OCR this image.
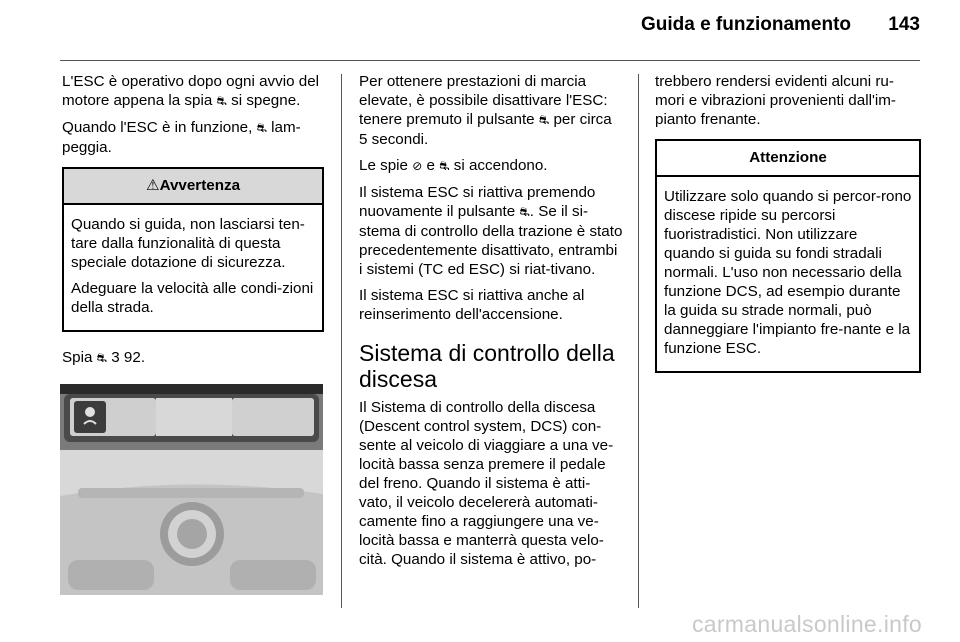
Guida e funzionamento 143

L'ESC è operativo dopo ogni avvio del motore appena la spia ⛐ si spegne.

Quando l'ESC è in funzione, ⛐ lam-peggia.

⚠Avvertenza

Quando si guida, non lasciarsi ten-tare dalla funzionalità di questa speciale dotazione di sicurezza.

Adeguare la velocità alle condi-zioni della strada.

Spia ⛐ 3 92.

Per ottenere prestazioni di marcia elevate, è possibile disattivare l'ESC: tenere premuto il pulsante ⛐ per circa 5 secondi.

Le spie ⊘ e ⛐ si accendono.

Il sistema ESC si riattiva premendo nuovamente il pulsante ⛐. Se il si-stema di controllo della trazione è stato precedentemente disattivato, entrambi i sistemi (TC ed ESC) si riat-tivano.

Il sistema ESC si riattiva anche al reinserimento dell'accensione.

Sistema di controllo della discesa

Il Sistema di controllo della discesa (Descent control system, DCS) con-sente al veicolo di viaggiare a una ve-locità bassa senza premere il pedale del freno. Quando il sistema è atti-vato, il veicolo decelererà automati-camente fino a raggiungere una ve-locità bassa e manterrà questa velo-cità. Quando il sistema è attivo, po-

trebbero rendersi evidenti alcuni ru-mori e vibrazioni provenienti dall'im-pianto frenante.

Attenzione

Utilizzare solo quando si percor-rono discese ripide su percorsi fuoristradistici. Non utilizzare quando si guida su fondi stradali normali. L'uso non necessario della funzione DCS, ad esempio durante la guida su strade normali, può danneggiare l'impianto fre-nante e la funzione ESC.

carmanualsonline.info
